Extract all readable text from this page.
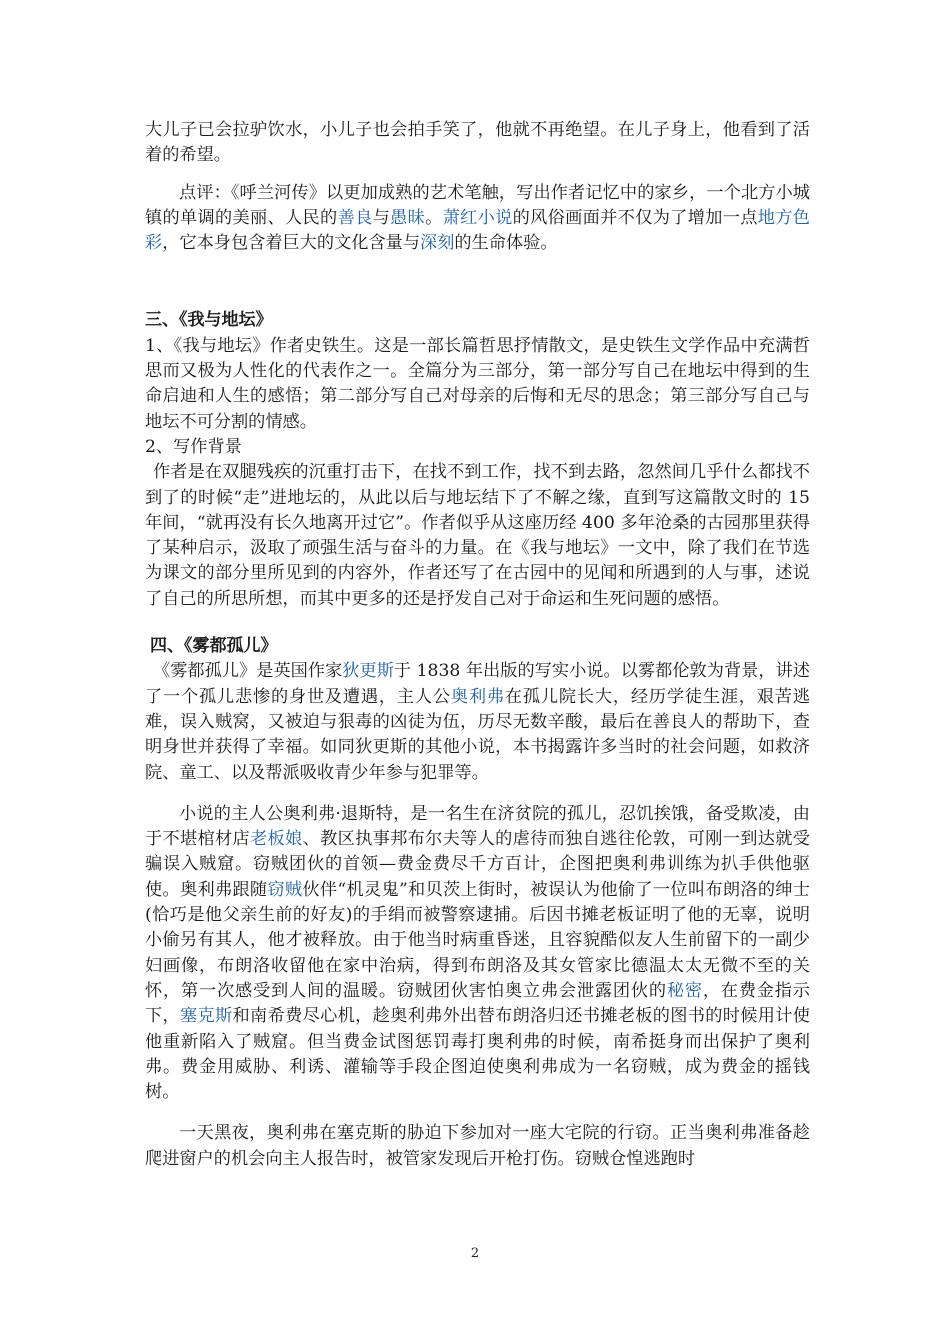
大儿子已会拉驴饮水，小儿子也会拍手笑了，他就不再绝望。在儿子身上，他看到了活着的希望。

点评：《呼兰河传》以更加成熟的艺术笔触，写出作者记忆中的家乡，一个北方小城镇的单调的美丽、人民的善良与愚昧。萧红小说的风俗画面并不仅为了增加一点地方色彩，它本身包含着巨大的文化含量与深刻的生命体验。

三、《我与地坛》

1、《我与地坛》作者史铁生。这是一部长篇哲思抒情散文，是史铁生文学作品中充满哲思而又极为人性化的代表作之一。全篇分为三部分，第一部分写自己在地坛中得到的生命启迪和人生的感悟；第二部分写自己对母亲的后悔和无尽的思念；第三部分写自己与地坛不可分割的情感。

2、写作背景

作者是在双腿残疾的沉重打击下，在找不到工作，找不到去路，忽然间几乎什么都找不到了的时候“走”进地坛的，从此以后与地坛结下了不解之缘，直到写这篇散文时的 15 年间，“就再没有长久地离开过它”。作者似乎从这座历经 400 多年沧桑的古园那里获得了某种启示，汲取了顽强生活与奋斗的力量。在《我与地坛》一文中，除了我们在节选为课文的部分里所见到的内容外，作者还写了在古园中的见闻和所遇到的人与事，述说了自己的所思所想，而其中更多的还是抒发自己对于命运和生死问题的感悟。

四、《雾都孤儿》

《雾都孤儿》是英国作家狄更斯于 1838 年出版的写实小说。以雾都伦敦为背景，讲述了一个孤儿悲惨的身世及遭遇，主人公奥利弗在孤儿院长大，经历学徒生涯，艰苦逃难，误入贼窝，又被迫与狠毒的凶徒为伍，历尽无数辛酸，最后在善良人的帮助下，查明身世并获得了幸福。如同狄更斯的其他小说，本书揭露许多当时的社会问题，如救济院、童工、以及帮派吸收青少年参与犯罪等。

小说的主人公奥利弗·退斯特，是一名生在济贫院的孤儿，忍饥挨饿，备受欺凌，由于不堪棺材店老板娘、教区执事邦布尔夫等人的虐待而独自逃往伦敦，可刚一到达就受骗误入贼窟。窃贼团伙的首领—费金费尽千方百计，企图把奥利弗训练为扒手供他驱使。奥利弗跟随窃贼伙伴“机灵鬼”和贝茨上街时，被误认为他偷了一位叫布朗洛的绅士(恰巧是他父亲生前的好友)的手绢而被警察逮捕。后因书摊老板证明了他的无辜，说明小偷另有其人，他才被释放。由于他当时病重昏迷，且容貌酷似友人生前留下的一副少妇画像，布朗洛收留他在家中治病，得到布朗洛及其女管家比德温太太无微不至的关怀，第一次感受到人间的温暖。窃贼团伙害怕奥立弗会泄露团伙的秘密，在费金指示下，塞克斯和南希费尽心机，趁奥利弗外出替布朗洛归还书摊老板的图书的时候用计使他重新陷入了贼窟。但当费金试图惩罚毒打奥利弗的时候，南希挺身而出保护了奥利弗。费金用威胁、利诱、灌输等手段企图迫使奥利弗成为一名窃贼，成为费金的摇钱树。

一天黑夜，奥利弗在塞克斯的胁迫下参加对一座大宅院的行窃。正当奥利弗准备趁爬进窗户的机会向主人报告时，被管家发现后开枪打伤。窃贼仓惶逃跑时

2
